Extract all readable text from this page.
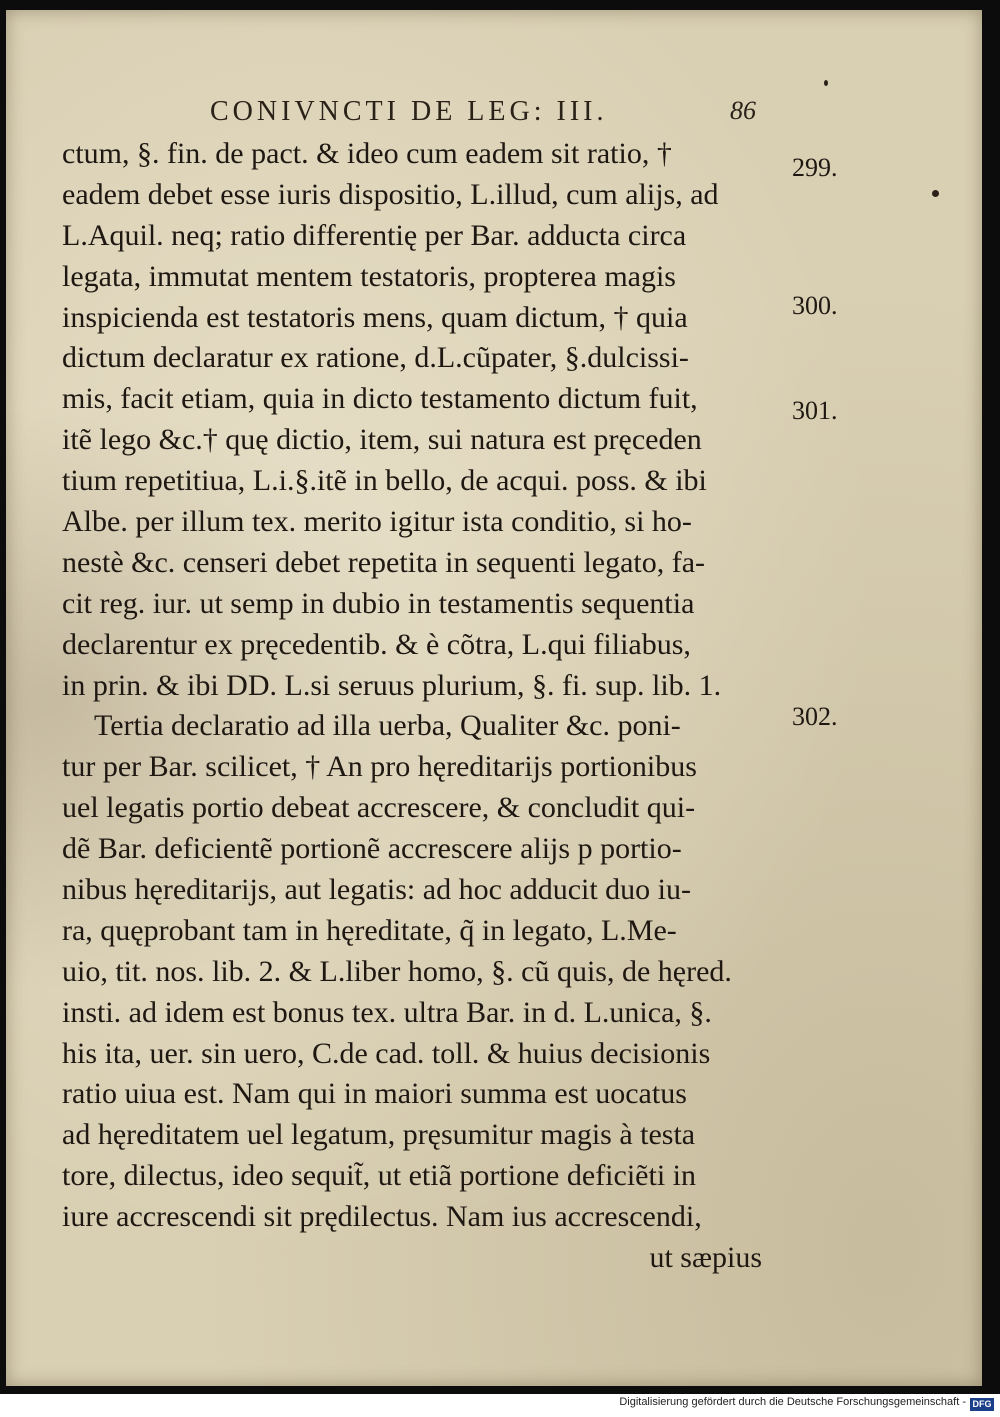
CONIVNCTI DE LEG: III.	86
ctum, §. fin. de pact. & ideo cum eadem sit ratio, †
eadem debet esse iuris dispositio, L.illud, cum alijs, ad
L.Aquil. neq; ratio differentię per Bar. adducta circa
legata, immutat mentem testatoris, propterea magis
inspicienda est testatoris mens, quam dictum, † quia
dictum declaratur ex ratione, d.L.cũpater, §.dulcissi-
mis, facit etiam, quia in dicto testamento dictum fuit,
itẽ lego &c.† quę dictio, item, sui natura est pręceden
tium repetitiua, L.i.§.itẽ in bello, de acqui. poss. & ibi
Albe. per illum tex. merito igitur ista conditio, si ho-
nestè &c. censeri debet repetita in sequenti legato, fa-
cit reg. iur. ut semp in dubio in testamentis sequentia
declarentur ex pręcedentib. & è cõtra, L.qui filiabus,
in prin. & ibi DD. L.si seruus plurium, §. fi. sup. lib. 1.
Tertia declaratio ad illa uerba, Qualiter &c. poni-
tur per Bar. scilicet, † An pro hęreditarijs portionibus
uel legatis portio debeat accrescere, & concludit qui-
dẽ Bar. deficientẽ portionẽ accrescere alijs p portio-
nibus hęreditarijs, aut legatis: ad hoc adducit duo iu-
ra, quęprobant tam in hęreditate, q̃ in legato, L.Me-
uio, tit. nos. lib. 2. & L.liber homo, §. cũ quis, de hęred.
insti. ad idem est bonus tex. ultra Bar. in d. L.unica, §.
his ita, uer. sin uero, C.de cad. toll. & huius decisionis
ratio uiua est. Nam qui in maiori summa est uocatus
ad hęreditatem uel legatum, pręsumitur magis à testa
tore, dilectus, ideo sequit̃, ut etiã portione deficiẽti in
iure accrescendi sit prędilectus. Nam ius accrescendi,
ut sæpius
299.
300.
301.
302.
Digitalisierung gefördert durch die Deutsche Forschungsgemeinschaft - DFG
